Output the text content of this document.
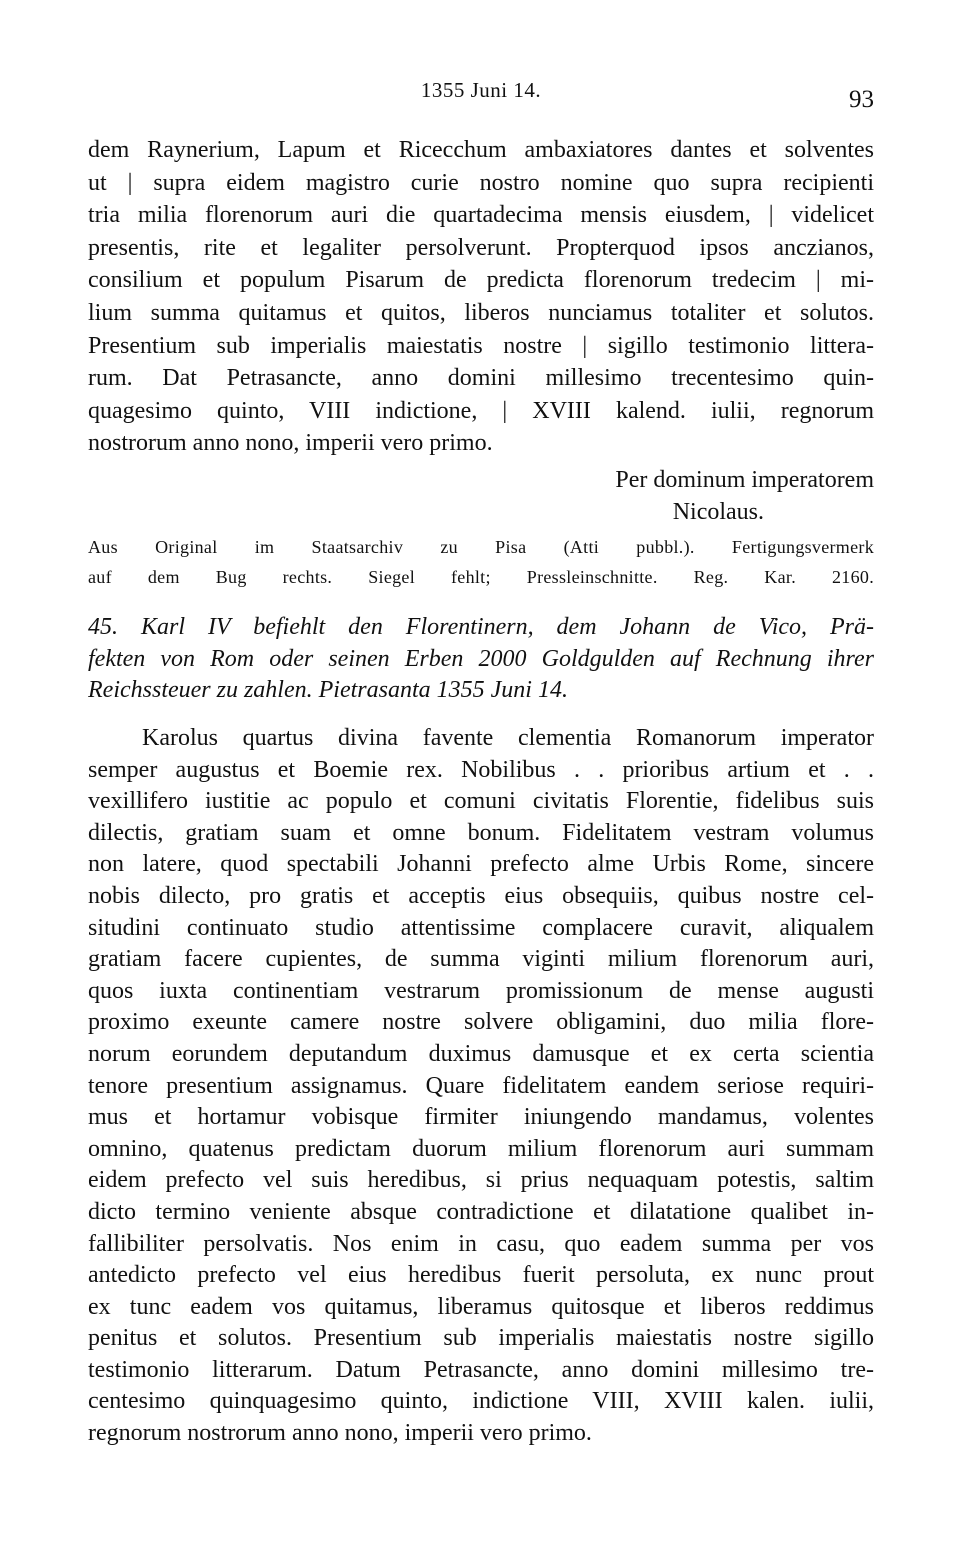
1355 Juni 14.	93
dem Raynerium, Lapum et Ricecchum ambaxiatores dantes et solventes
ut | supra eidem magistro curie nostro nomine quo supra recipienti
tria milia florenorum auri die quartadecima mensis eiusdem, | videlicet
presentis, rite et legaliter persolverunt. Propterquod ipsos anczianos,
consilium et populum Pisarum de predicta florenorum tredecim | mi-
lium summa quitamus et quitos, liberos nunciamus totaliter et solutos.
Presentium sub imperialis maiestatis nostre | sigillo testimonio littera-
rum. Dat Petrasancte, anno domini millesimo trecentesimo quin-
quagesimo quinto, VIII indictione, | XVIII kalend. iulii, regnorum
nostrorum anno nono, imperii vero primo.
Per dominum imperatorem
Nicolaus.
Aus Original im Staatsarchiv zu Pisa (Atti pubbl.). Fertigungsvermerk
auf dem Bug rechts. Siegel fehlt; Pressleinschnitte. Reg. Kar. 2160.
45. Karl IV befiehlt den Florentinern, dem Johann de Vico, Prä-
fekten von Rom oder seinen Erben 2000 Goldgulden auf Rechnung ihrer
Reichssteuer zu zahlen. Pietrasanta 1355 Juni 14.
Karolus quartus divina favente clementia Romanorum imperator
semper augustus et Boemie rex. Nobilibus . . prioribus artium et . .
vexillifero iustitie ac populo et comuni civitatis Florentie, fidelibus suis
dilectis, gratiam suam et omne bonum. Fidelitatem vestram volumus
non latere, quod spectabili Johanni prefecto alme Urbis Rome, sincere
nobis dilecto, pro gratis et acceptis eius obsequiis, quibus nostre cel-
situdini continuato studio attentissime complacere curavit, aliqualem
gratiam facere cupientes, de summa viginti milium florenorum auri,
quos iuxta continentiam vestrarum promissionum de mense augusti
proximo exeunte camere nostre solvere obligamini, duo milia flore-
norum eorundem deputandum duximus damusque et ex certa scientia
tenore presentium assignamus. Quare fidelitatem eandem seriose requiri-
mus et hortamur vobisque firmiter iniungendo mandamus, volentes
omnino, quatenus predictam duorum milium florenorum auri summam
eidem prefecto vel suis heredibus, si prius nequaquam potestis, saltim
dicto termino veniente absque contradictione et dilatatione qualibet in-
fallibiliter persolvatis. Nos enim in casu, quo eadem summa per vos
antedicto prefecto vel eius heredibus fuerit persoluta, ex nunc prout
ex tunc eadem vos quitamus, liberamus quitosque et liberos reddimus
penitus et solutos. Presentium sub imperialis maiestatis nostre sigillo
testimonio litterarum. Datum Petrasancte, anno domini millesimo tre-
centesimo quinquagesimo quinto, indictione VIII, XVIII kalen. iulii,
regnorum nostrorum anno nono, imperii vero primo.
